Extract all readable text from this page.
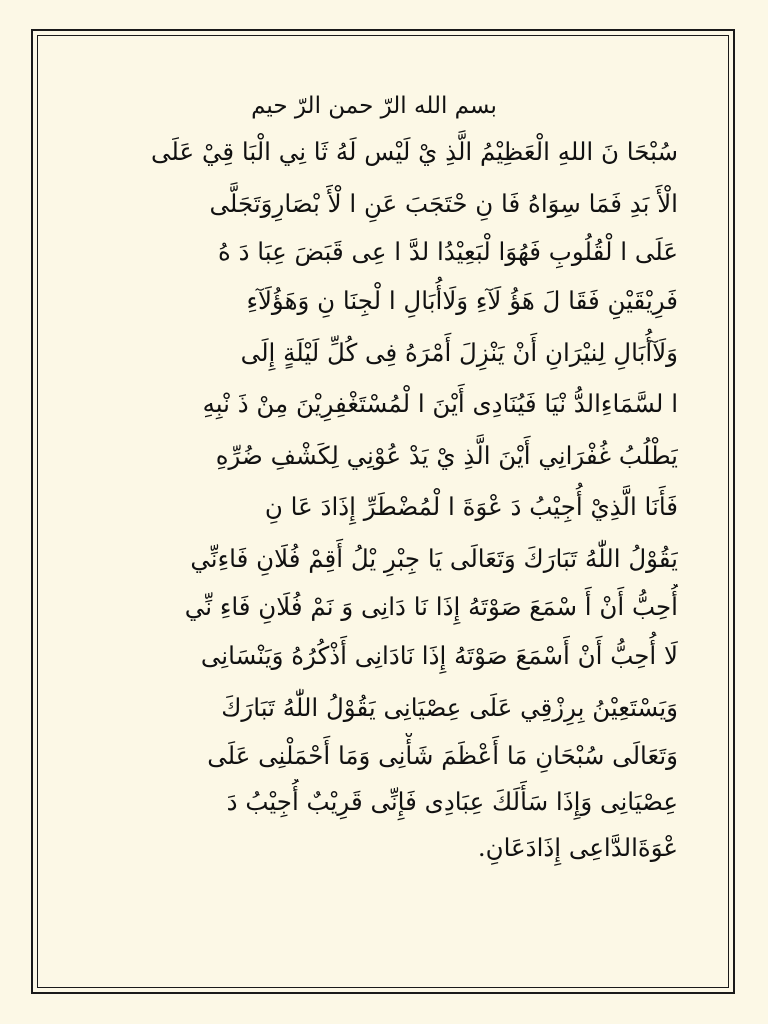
بسم الله الرّ حمن الرّ حيم
سُبْحَا نَ اللهِ الْعَظِيْمُ الَّذِ يْ لَيْس لَهُ ثَا نِي الْبَا قِيْ عَلَى
الْأَ بَدِ فَمَا سِوَاهُ فَا نِ حْتَجَبَ عَنِ ا لْأَ بْصَارِوَتَجَلَّى
عَلَى ا لْقُلُوبِ فَهُوَا لْبَعِيْدُا لدَّ ا عِى قَبَضَ عِبَا دَ هُ
فَرِيْقَيْنِ فَقَا لَ هَؤُ لَآءِ وَلَاأُبَالِ ا لْجِنَا نِ وَهَؤُلَآءِ
وَلَآأُبَالِ لِنيْرَانِ أَنْ يَنْزِلَ أَمْرَهُ فِى كُلِّ لَيْلَةٍ إِلَى
ا لسَّمَاءِالدُّ نْيَا فَيُنَادِى أَيْنَ ا لْمُسْتَغْفِرِيْنَ مِنْ ذَ نْبِهِ
يَطْلُبُ غُفْرَانِي أَيْنَ الَّذِ يْ يَدْ عُوْنِي لِكَشْفِ ضُرِّهِ
فَأَنَا الَّذِيْ أُجِيْبُ دَ عْوَةَ ا لْمُضْطَرِّ إِذَادَ عَا نِ
يَقُوْلُ اللّٰهُ تَبَارَكَ وَتَعَالَى يَا جِبْرِ يْلُ أَقِمْ فُلَانِ فَاءِنِّي
أُحِبُّ أَنْ أَ سْمَعَ صَوْتَهُ إِذَا نَا دَانِى وَ نَمْ فُلَانِ فَاءِ نِّي
لَا أُحِبُّ أَنْ أَسْمَعَ صَوْتَهُ إِذَا نَادَانِى أَذْكُرُهُ وَيَنْسَانِى
وَيَسْتَعِيْنُ بِرِزْقِي عَلَى عِصْيَانِى يَقُوْلُ اللّٰهُ تَبَارَكَ
وَتَعَالَى سُبْحَانِ مَا أَعْظَمَ شَأْنِى وَمَا أَحْمَلْنِى عَلَى
عِصْيَانِى وَإِذَا سَأَلَكَ عِبَادِى فَإِنِّى قَرِيْبٌ أُجِيْبُ دَ
عْوَةَالدَّاعِى إِذَادَعَانِ.
